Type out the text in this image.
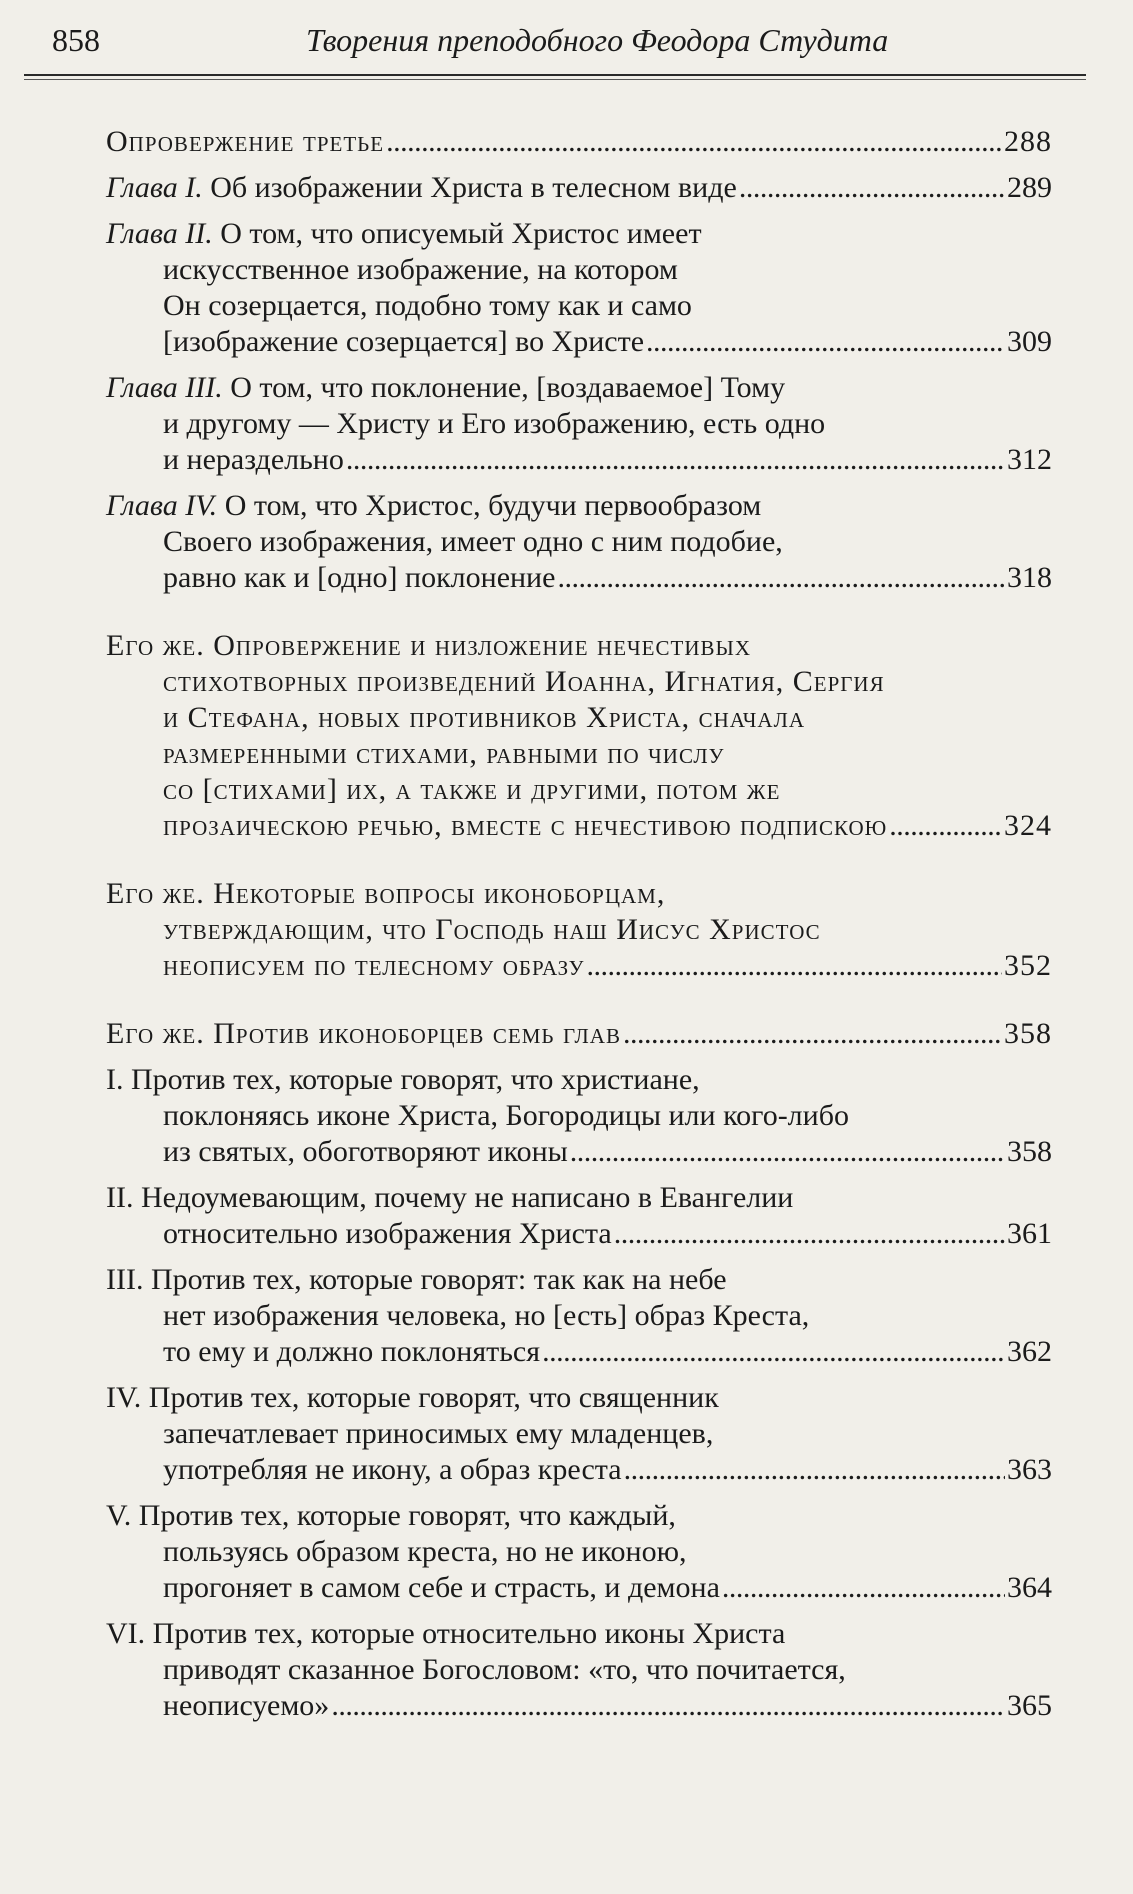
858	Творения преподобного Феодора Студита
Опровержение третье . . .	288
Глава I. Об изображении Христа в телесном виде . . .	289
Глава II. О том, что описуемый Христос имеет
искусственное изображение, на котором
Он созерцается, подобно тому как и само
[изображение созерцается] во Христе . . .	309
Глава III. О том, что поклонение, [воздаваемое] Тому
и другому — Христу и Его изображению, есть одно
и нераздельно . . .	312
Глава IV. О том, что Христос, будучи первообразом
Своего изображения, имеет одно с ним подобие,
равно как и [одно] поклонение . . .	318
Его же. Опровержение и низложение нечестивых
стихотворных произведений Иоанна, Игнатия, Сергия
и Стефана, новых противников Христа, сначала
размеренными стихами, равными по числу
со [стихами] их, а также и другими, потом же
прозаическою речью, вместе с нечестивою подпискою . . .	324
Его же. Некоторые вопросы иконоборцам,
утверждающим, что Господь наш Иисус Христос
неописуем по телесному образу . . .	352
Его же. Против иконоборцев семь глав . . .	358
I. Против тех, которые говорят, что христиане,
поклоняясь иконе Христа, Богородицы или кого-либо
из святых, обоготворяют иконы . . .	358
II. Недоумевающим, почему не написано в Евангелии
относительно изображения Христа . . .	361
III. Против тех, которые говорят: так как на небе
нет изображения человека, но [есть] образ Креста,
то ему и должно поклоняться . . .	362
IV. Против тех, которые говорят, что священник
запечатлевает приносимых ему младенцев,
употребляя не икону, а образ креста . . .	363
V. Против тех, которые говорят, что каждый,
пользуясь образом креста, но не иконою,
прогоняет в самом себе и страсть, и демона . . .	364
VI. Против тех, которые относительно иконы Христа
приводят сказанное Богословом: «то, что почитается,
неописуемо» . . .	365
